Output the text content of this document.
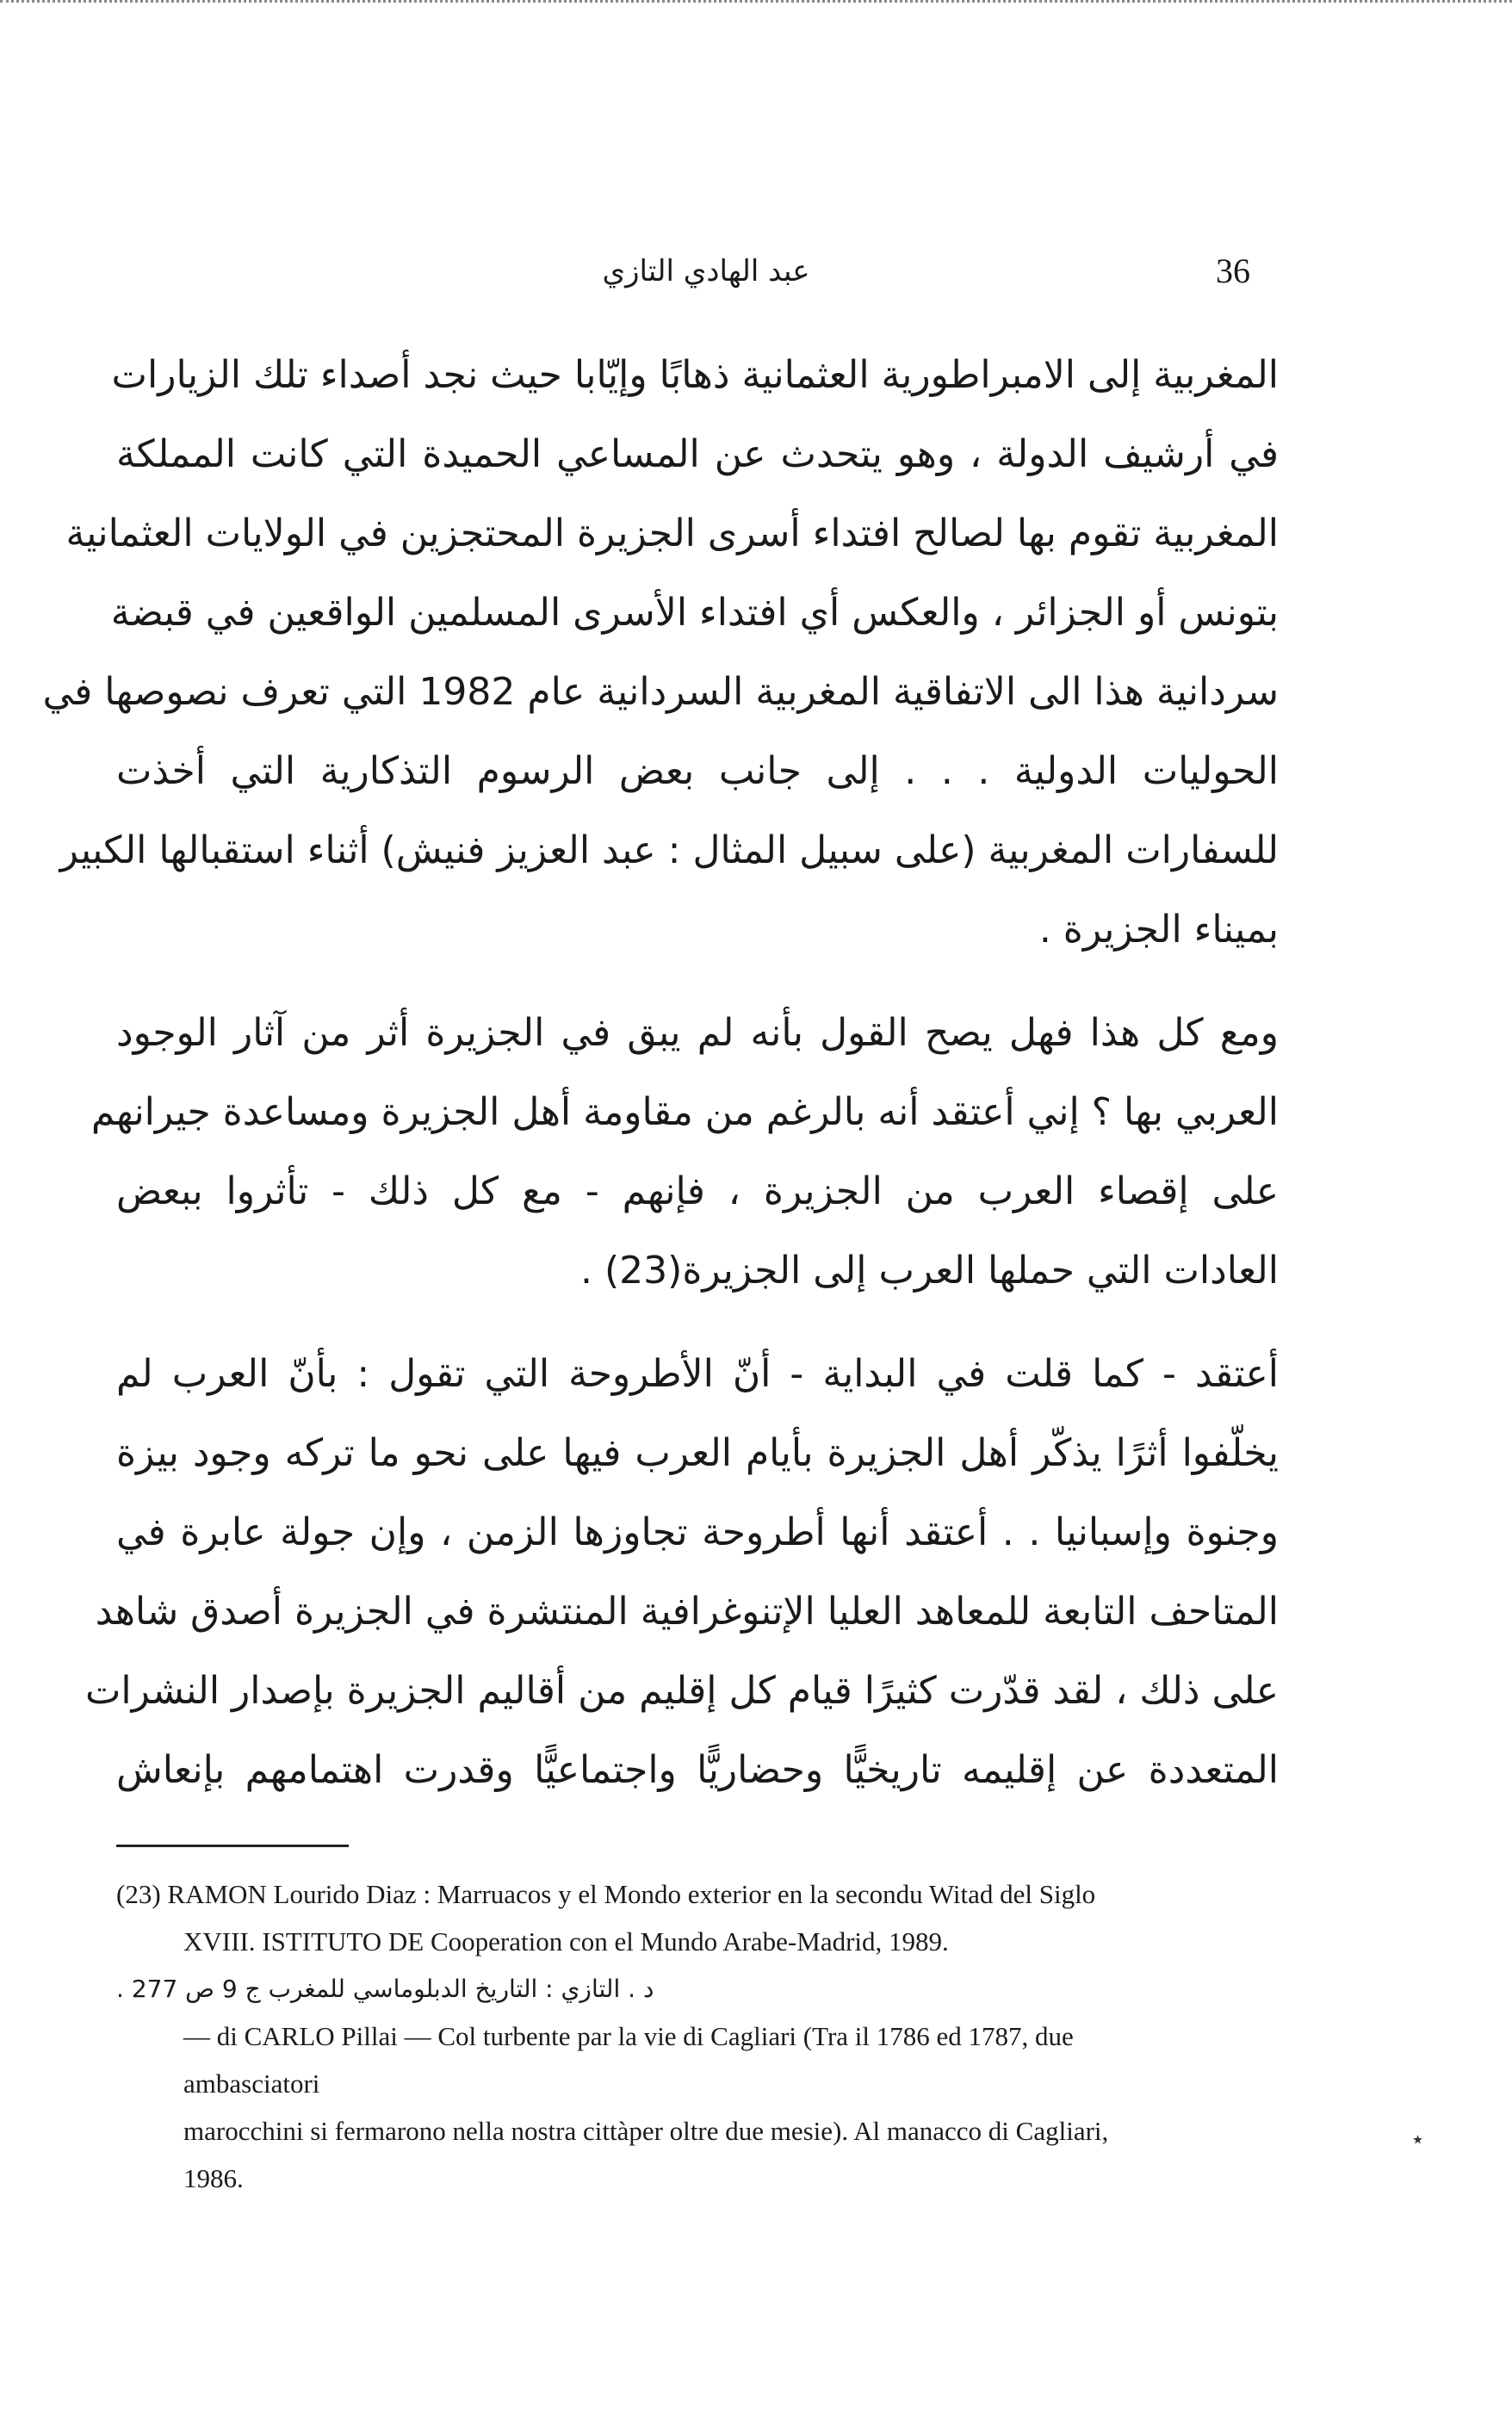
36
عبد الهادي التازي

المغربية إلى الامبراطورية العثمانية ذهابًا وإيّابا حيث نجد أصداء تلك الزيارات
في أرشيف الدولة ، وهو يتحدث عن المساعي الحميدة التي كانت المملكة
المغربية تقوم بها لصالح افتداء أسرى الجزيرة المحتجزين في الولايات العثمانية
بتونس أو الجزائر ، والعكس أي افتداء الأسرى المسلمين الواقعين في قبضة
سردانية هذا الى الاتفاقية المغربية السردانية عام 1982 التي تعرف نصوصها في
الحوليات الدولية . . . إلى جانب بعض الرسوم التذكارية التي أخذت
للسفارات المغربية (على سبيل المثال : عبد العزيز فنيش) أثناء استقبالها الكبير
بميناء الجزيرة .

ومع كل هذا فهل يصح القول بأنه لم يبق في الجزيرة أثر من آثار الوجود
العربي بها ؟ إني أعتقد أنه بالرغم من مقاومة أهل الجزيرة ومساعدة جيرانهم
على إقصاء العرب من الجزيرة ، فإنهم - مع كل ذلك - تأثروا ببعض
العادات التي حملها العرب إلى الجزيرة(23) .

أعتقد - كما قلت في البداية - أنّ الأطروحة التي تقول : بأنّ العرب لم
يخلّفوا أثرًا يذكّر أهل الجزيرة بأيام العرب فيها على نحو ما تركه وجود بيزة
وجنوة وإسبانيا . . أعتقد أنها أطروحة تجاوزها الزمن ، وإن جولة عابرة في
المتاحف التابعة للمعاهد العليا الإتنوغرافية المنتشرة في الجزيرة أصدق شاهد
على ذلك ، لقد قدّرت كثيرًا قيام كل إقليم من أقاليم الجزيرة بإصدار النشرات
المتعددة عن إقليمه تاريخيًّا وحضاريًّا واجتماعيًّا وقدرت اهتمامهم بإنعاش

(23) RAMON Lourido Diaz : Marruacos y el Mondo exterior en la secondu Witad del Siglo
XVIII. ISTITUTO DE Cooperation con el Mundo Arabe-Madrid, 1989.
د . التازي : التاريخ الدبلوماسي للمغرب ج 9 ص 277 .
— di CARLO Pillai — Col turbente par la vie di Cagliari (Tra il 1786 ed 1787, due
ambasciatori
marocchini si fermarono nella nostra cittàper oltre due mesie). Al manacco di Cagliari,
1986.
٭
